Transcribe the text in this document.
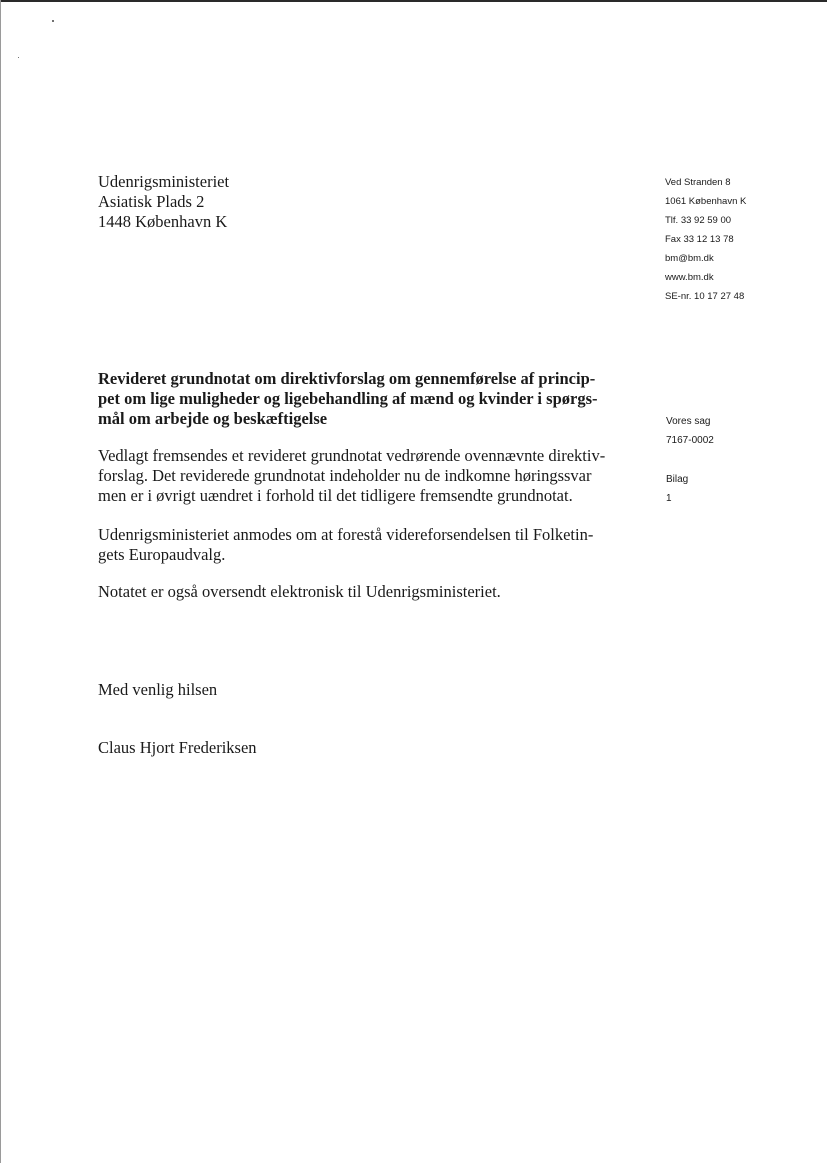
Udenrigsministeriet
Asiatisk Plads 2
1448 København K
Ved Stranden 8
1061 København K
Tlf. 33 92 59 00
Fax 33 12 13 78
bm@bm.dk
www.bm.dk
SE-nr. 10 17 27 48
Revideret grundnotat om direktivforslag om gennemførelse af princip-
pet om lige muligheder og ligebehandling af mænd og kvinder i spørgs-
mål om arbejde og beskæftigelse	Vores sag
7167-0002
Bilag
1
Vedlagt fremsendes et revideret grundnotat vedrørende ovennævnte direktiv-
forslag. Det reviderede grundnotat indeholder nu de indkomne høringssvar
men er i øvrigt uændret i forhold til det tidligere fremsendte grundnotat.
Udenrigsministeriet anmodes om at forestå videreforsendelsen til Folketin-
gets Europaudvalg.
Notatet er også oversendt elektronisk til Udenrigsministeriet.
Med venlig hilsen
Claus Hjort Frederiksen
